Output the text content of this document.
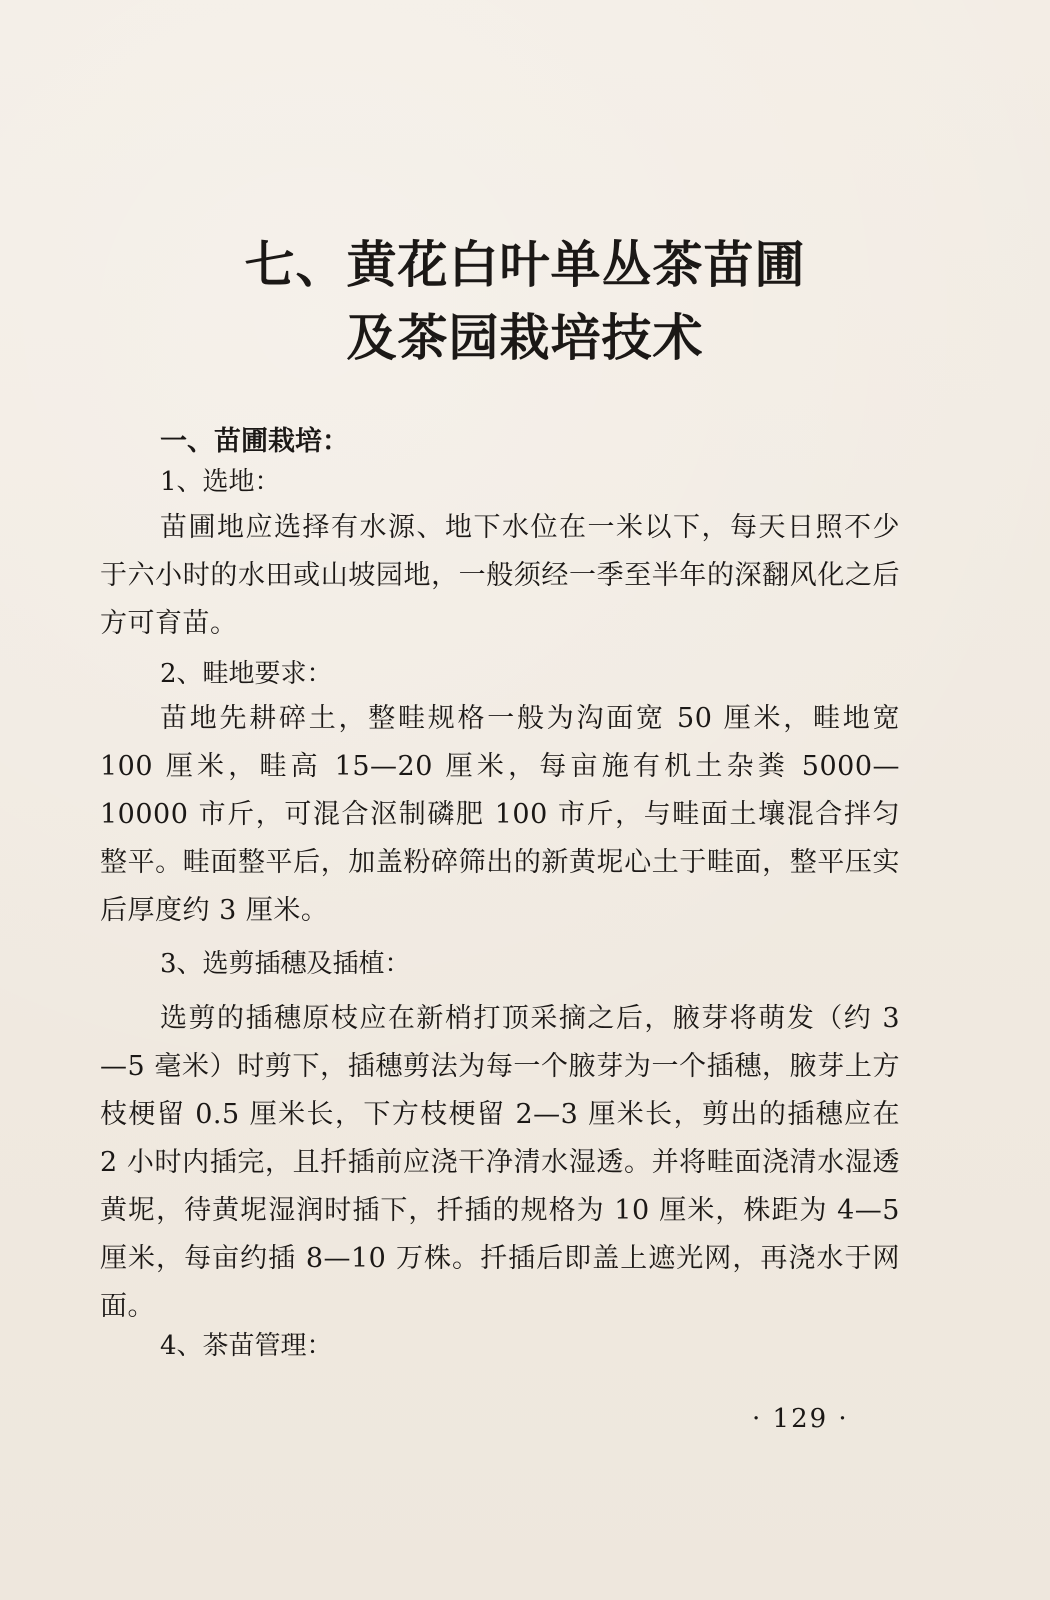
七、黄花白叶单丛茶苗圃
及茶园栽培技术
一、苗圃栽培：
1、选地：
苗圃地应选择有水源、地下水位在一米以下，每天日照不少于六小时的水田或山坡园地，一般须经一季至半年的深翻风化之后方可育苗。
2、畦地要求：
苗地先耕碎土，整畦规格一般为沟面宽 50 厘米，畦地宽 100 厘米，畦高 15—20 厘米，每亩施有机土杂粪 5000—10000 市斤，可混合沤制磷肥 100 市斤，与畦面土壤混合拌匀整平。畦面整平后，加盖粉碎筛出的新黄坭心土于畦面，整平压实后厚度约 3 厘米。
3、选剪插穗及插植：
选剪的插穗原枝应在新梢打顶采摘之后，腋芽将萌发（约 3—5 毫米）时剪下，插穗剪法为每一个腋芽为一个插穗，腋芽上方枝梗留 0.5 厘米长，下方枝梗留 2—3 厘米长，剪出的插穗应在 2 小时内插完，且扦插前应浇干净清水湿透。并将畦面浇清水湿透黄坭，待黄坭湿润时插下，扦插的规格为 10 厘米，株距为 4—5 厘米，每亩约插 8—10 万株。扦插后即盖上遮光网，再浇水于网面。
4、茶苗管理：
· 129 ·
